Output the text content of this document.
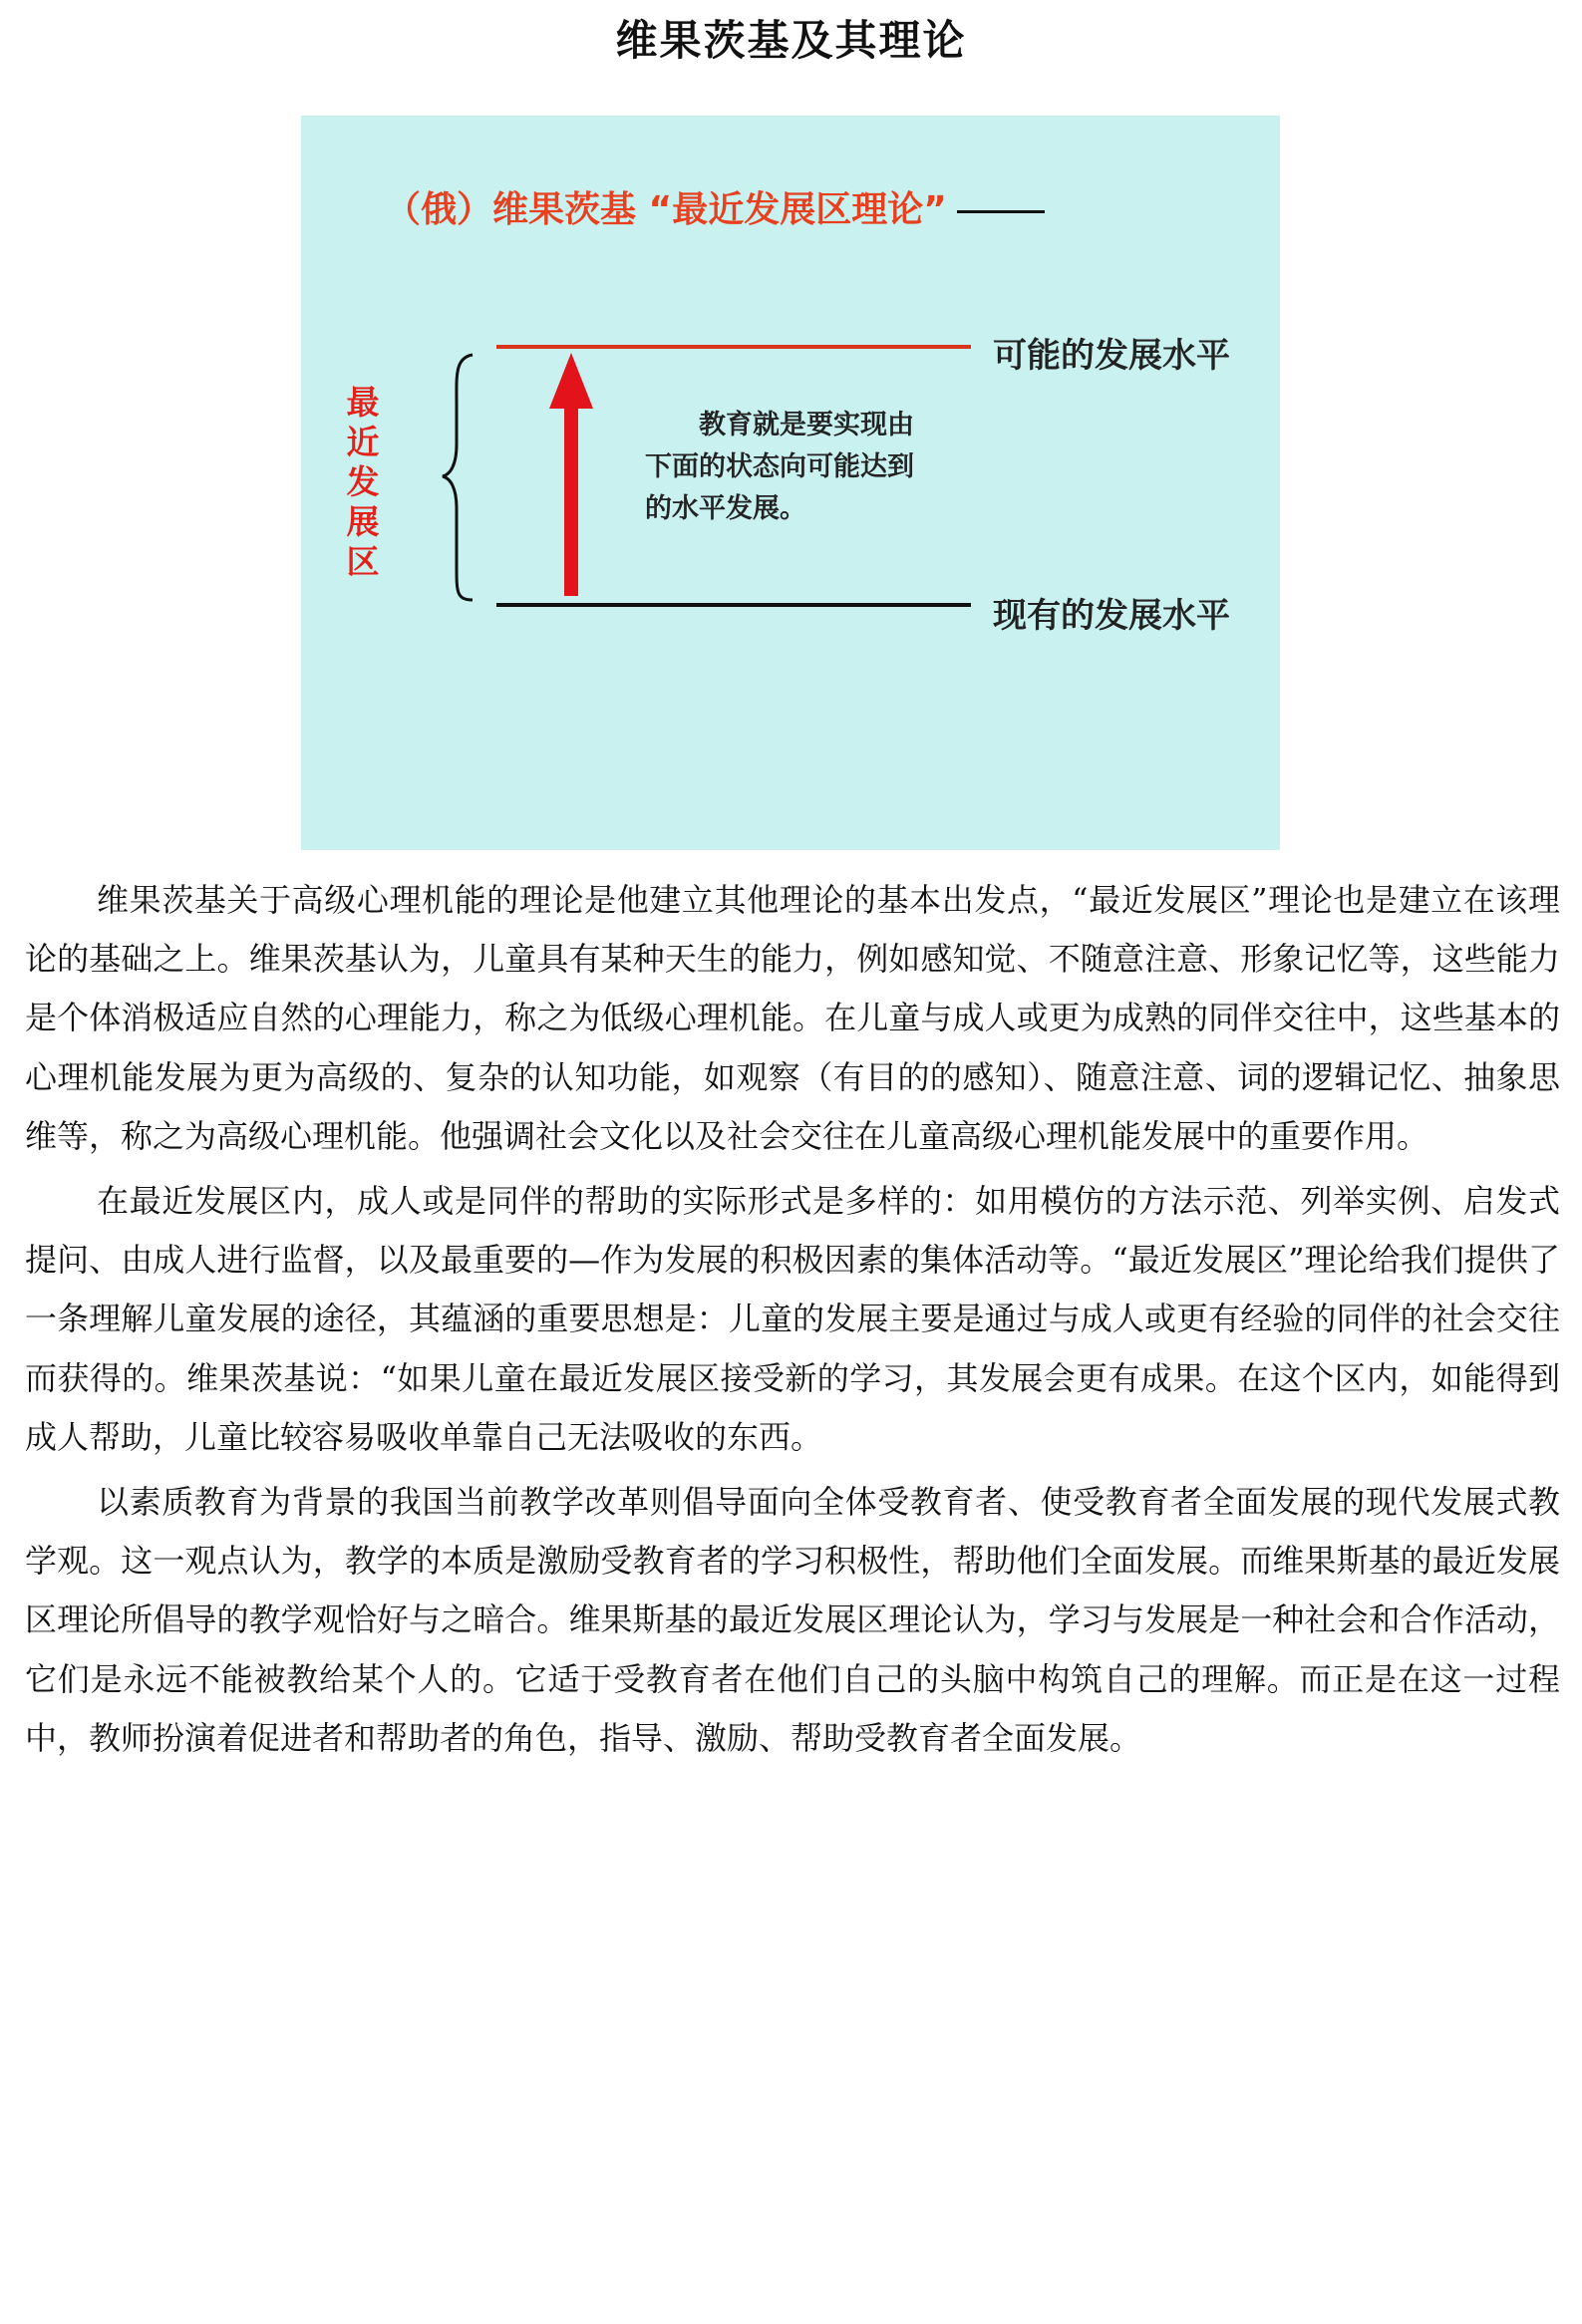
维果茨基及其理论
（俄）维果茨基 “最近发展区理论”
最近发展区
可能的发展水平
现有的发展水平
教育就是要实现由下面的状态向可能达到的水平发展。

维果茨基关于高级心理机能的理论是他建立其他理论的基本出发点，“最近发展区”理论也是建立在该理论的基础之上。维果茨基认为，儿童具有某种天生的能力，例如感知觉、不随意注意、形象记忆等，这些能力是个体消极适应自然的心理能力，称之为低级心理机能。在儿童与成人或更为成熟的同伴交往中，这些基本的心理机能发展为更为高级的、复杂的认知功能，如观察（有目的的感知）、随意注意、词的逻辑记忆、抽象思维等，称之为高级心理机能。他强调社会文化以及社会交往在儿童高级心理机能发展中的重要作用。

在最近发展区内，成人或是同伴的帮助的实际形式是多样的：如用模仿的方法示范、列举实例、启发式提问、由成人进行监督，以及最重要的—作为发展的积极因素的集体活动等。“最近发展区”理论给我们提供了一条理解儿童发展的途径，其蕴涵的重要思想是：儿童的发展主要是通过与成人或更有经验的同伴的社会交往而获得的。维果茨基说：“如果儿童在最近发展区接受新的学习，其发展会更有成果。在这个区内，如能得到成人帮助，儿童比较容易吸收单靠自己无法吸收的东西。

以素质教育为背景的我国当前教学改革则倡导面向全体受教育者、使受教育者全面发展的现代发展式教学观。这一观点认为，教学的本质是激励受教育者的学习积极性，帮助他们全面发展。而维果斯基的最近发展区理论所倡导的教学观恰好与之暗合。维果斯基的最近发展区理论认为，学习与发展是一种社会和合作活动，它们是永远不能被教给某个人的。它适于受教育者在他们自己的头脑中构筑自己的理解。而正是在这一过程中，教师扮演着促进者和帮助者的角色，指导、激励、帮助受教育者全面发展。
